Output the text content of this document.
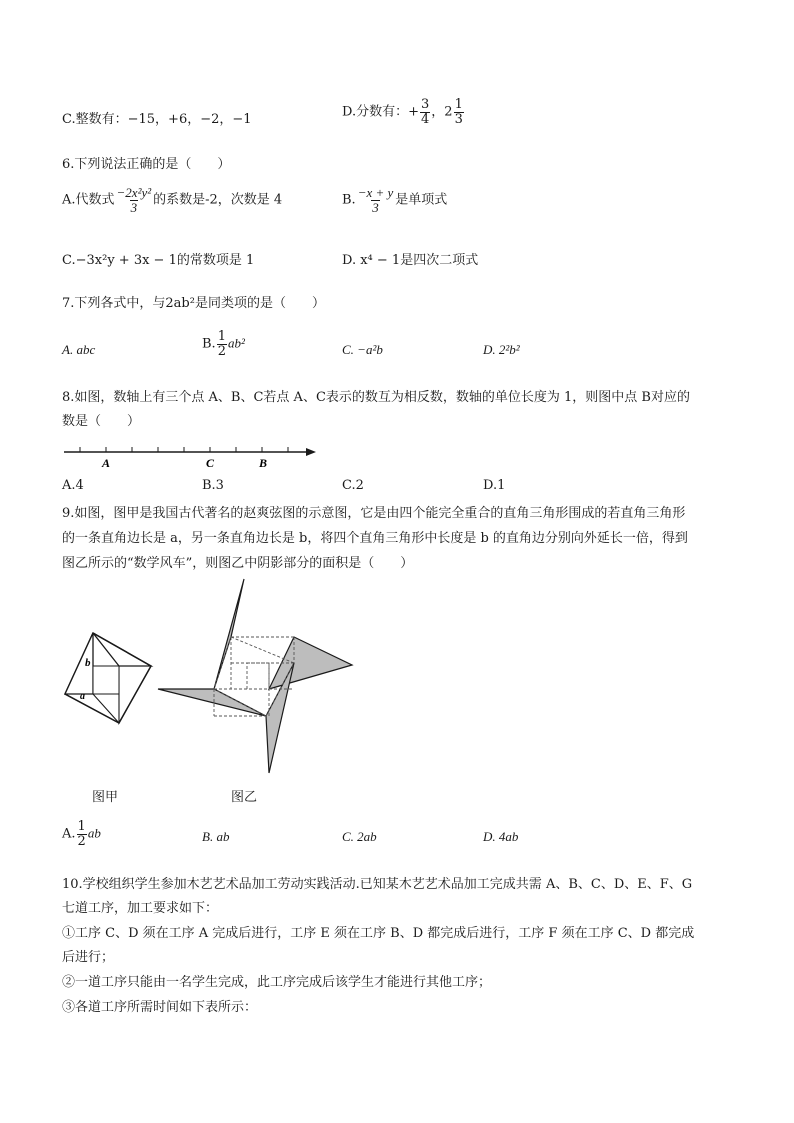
C.整数有：−15，+6，−2，−1	D.分数有：+ $\frac{3}{4}$ ，$2 \frac{1}{3}$
6.下列说法正确的是（　　）
A.代数式 $\frac{\text{−2x²y²}}{3}$ 的系数是-2，次数是 4	B. $\frac{-x + y}{3}$ 是单项式
C.−3x²y + 3x − 1的常数项是 1	D. x⁴ − 1是四次二项式
7.下列各式中，与2ab²是同类项的是（　　）
A. abc	B. $\frac{1}{2} ab^2$	C. −a²b	D. 2²b²
8.如图，数轴上有三个点 A、B、C若点 A、C表示的数互为相反数，数轴的单位长度为 1，则图中点 B对应的
数是（　　）
A	C	B
A.4	B.3	C.2	D.1
9.如图，图甲是我国古代著名的赵爽弦图的示意图，它是由四个能完全重合的直角三角形围成的若直角三角形
的一条直角边长是 a，另一条直角边长是 b，将四个直角三角形中长度是 b 的直角边分别向外延长一倍，得到
图乙所示的“数学风车”，则图乙中阴影部分的面积是（　　）
b
a
图甲	图乙
A. $\frac{1}{2}$ ab	B. ab	C. 2ab	D. 4ab
10.学校组织学生参加木艺艺术品加工劳动实践活动.已知某木艺艺术品加工完成共需 A、B、C、D、E、F、G
七道工序，加工要求如下：
①工序 C、D 须在工序 A 完成后进行，工序 E 须在工序 B、D 都完成后进行，工序 F 须在工序 C、D 都完成
后进行；
②一道工序只能由一名学生完成，此工序完成后该学生才能进行其他工序；
③各道工序所需时间如下表所示：
